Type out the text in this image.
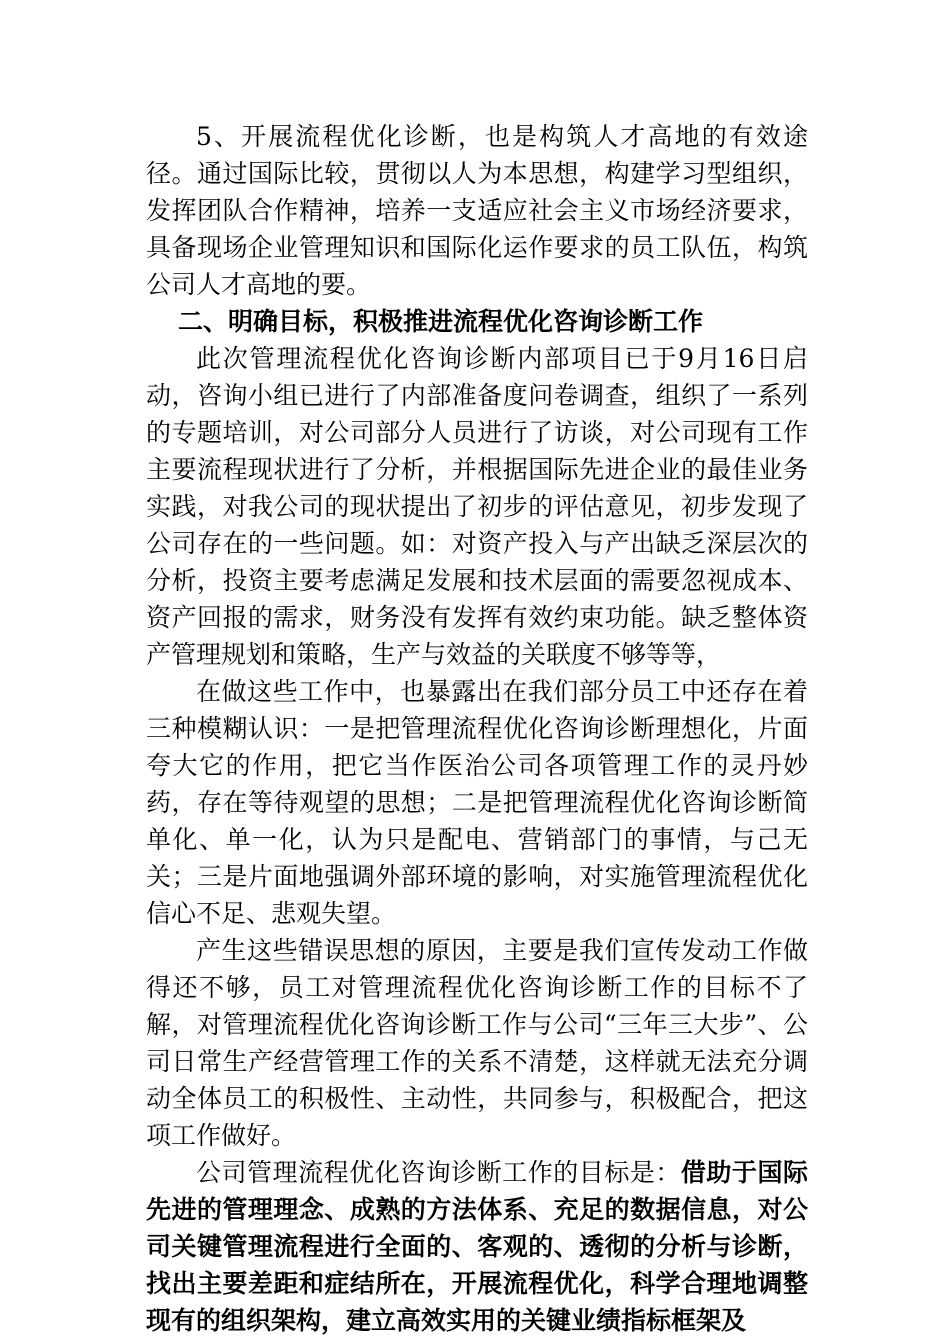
5、开展流程优化诊断，也是构筑人才高地的有效途径。通过国际比较，贯彻以人为本思想，构建学习型组织，发挥团队合作精神，培养一支适应社会主义市场经济要求，具备现场企业管理知识和国际化运作要求的员工队伍，构筑公司人才高地的要。

二、明确目标，积极推进流程优化咨询诊断工作

此次管理流程优化咨询诊断内部项目已于9月16日启动，咨询小组已进行了内部准备度问卷调查，组织了一系列的专题培训，对公司部分人员进行了访谈，对公司现有工作主要流程现状进行了分析，并根据国际先进企业的最佳业务实践，对我公司的现状提出了初步的评估意见，初步发现了公司存在的一些问题。如：对资产投入与产出缺乏深层次的分析，投资主要考虑满足发展和技术层面的需要忽视成本、资产回报的需求，财务没有发挥有效约束功能。缺乏整体资产管理规划和策略，生产与效益的关联度不够等等，

在做这些工作中，也暴露出在我们部分员工中还存在着三种模糊认识：一是把管理流程优化咨询诊断理想化，片面夸大它的作用，把它当作医治公司各项管理工作的灵丹妙药，存在等待观望的思想；二是把管理流程优化咨询诊断简单化、单一化，认为只是配电、营销部门的事情，与己无关；三是片面地强调外部环境的影响，对实施管理流程优化信心不足、悲观失望。

产生这些错误思想的原因，主要是我们宣传发动工作做得还不够，员工对管理流程优化咨询诊断工作的目标不了解，对管理流程优化咨询诊断工作与公司“三年三大步”、公司日常生产经营管理工作的关系不清楚，这样就无法充分调动全体员工的积极性、主动性，共同参与，积极配合，把这项工作做好。

公司管理流程优化咨询诊断工作的目标是：借助于国际先进的管理理念、成熟的方法体系、充足的数据信息，对公司关键管理流程进行全面的、客观的、透彻的分析与诊断，找出主要差距和症结所在，开展流程优化，科学合理地调整现有的组织架构，建立高效实用的关键业绩指标框架及
